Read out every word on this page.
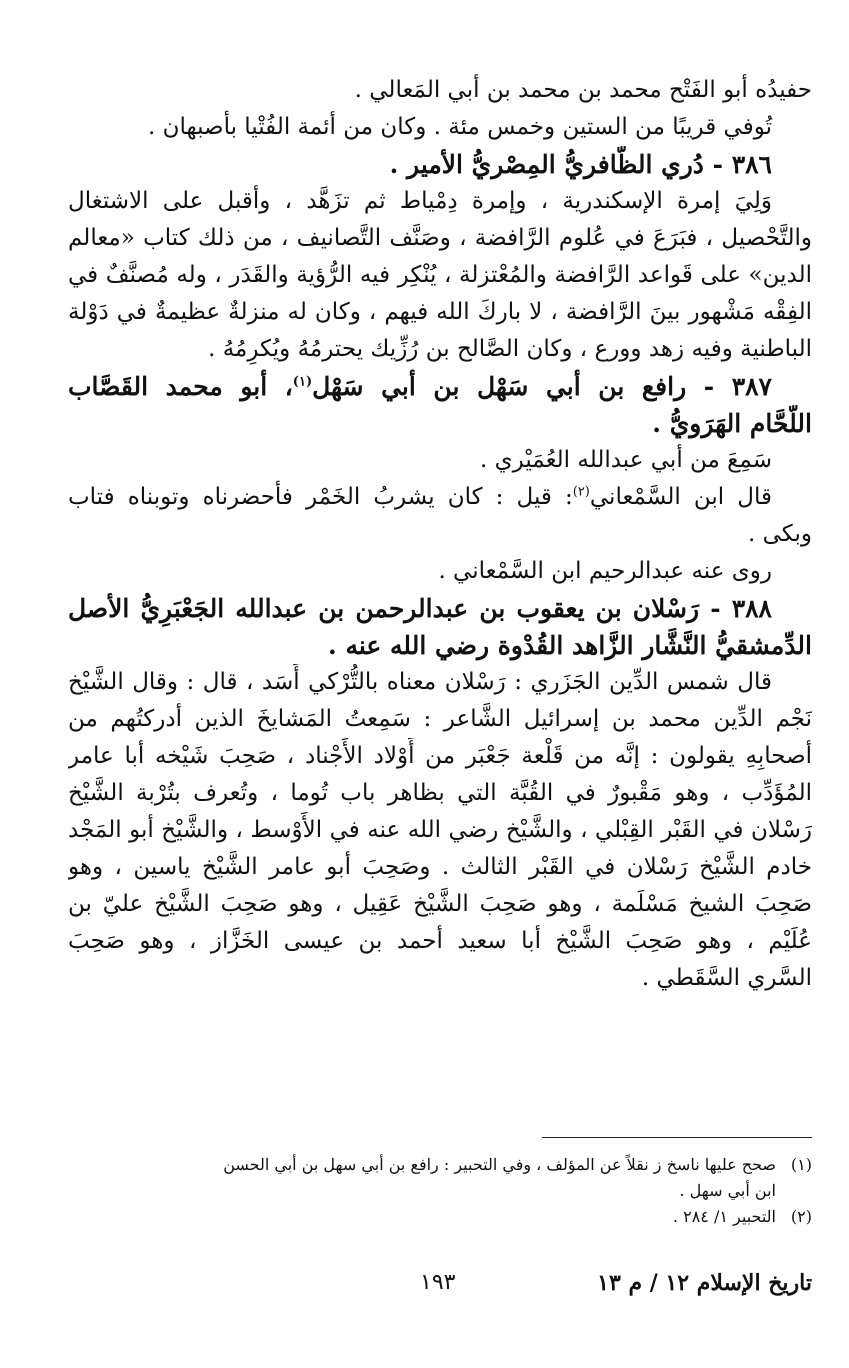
حفيدُه أبو الفَتْح محمد بن محمد بن أبي المَعالي .
تُوفي قريبًا من الستين وخمس مئة . وكان من أئمة الفُتْيا بأصبهان .
٣٨٦ - دُري الظَّافريُّ المِصْريُّ الأمير .
وَلِيَ إمرة الإسكندرية ، وإمرة دِمْياط ثم تزَهَّد ، وأقبل على الاشتغال
والتَّحْصيل ، فبَرَعَ في عُلوم الرَّافضة ، وصَنَّف التَّصانيف ، من ذلك كتاب «معالم
الدين» على قَواعد الرَّافضة والمُعْتزلة ، يُنْكِر فيه الرُّؤية والقَدَر ، وله مُصنَّفٌ في
الفِقْه مَشْهور بينَ الرَّافضة ، لا باركَ الله فيهم ، وكان له منزلةٌ عظيمةٌ في دَوْلة
الباطنية وفيه زهد وورع ، وكان الصَّالح بن رُزِّيك يحترمُهُ ويُكرِمُهُ .
٣٨٧ - رافع بن أبي سَهْل بن أبي سَهْل$^{(١)}$، أبو محمد القَصَّاب
اللَّحَّام الهَرَويُّ .
سَمِعَ من أبي عبدالله العُمَيْري .
قال ابن السَّمْعاني$^{(٢)}$: قيل : كان يشربُ الخَمْر فأحضرناه وتوبناه فتاب
وبكى .
روى عنه عبدالرحيم ابن السَّمْعاني .
٣٨٨ - رَسْلان بن يعقوب بن عبدالرحمن بن عبدالله الجَعْبَرِيُّ الأصل
الدِّمشقيُّ النَّشَّار الزَّاهد القُدْوة رضي الله عنه .
قال شمس الدِّين الجَزَري : رَسْلان معناه بالتُّرْكي أَسَد ، قال : وقال الشَّيْخ
نَجْم الدِّين محمد بن إسرائيل الشَّاعر : سَمِعتُ المَشايخَ الذين أدركتُهم من
أصحابِهِ يقولون : إنَّه من قَلْعة جَعْبَر من أَوْلاد الأَجْناد ، صَحِبَ شَيْخه أبا عامر
المُؤَدِّب ، وهو مَقْبورٌ في القُبَّة التي بظاهر باب تُوما ، وتُعرف بتُرْبة الشَّيْخ
رَسْلان في القَبْر القِبْلي ، والشَّيْخ رضي الله عنه في الأَوْسط ، والشَّيْخ أبو المَجْد
خادم الشَّيْخ رَسْلان في القَبْر الثالث . وصَحِبَ أبو عامر الشَّيْخ ياسين ، وهو
صَحِبَ الشيخ مَسْلَمة ، وهو صَحِبَ الشَّيْخ عَقِيل ، وهو صَحِبَ الشَّيْخ عليّ بن
عُلَيْم ، وهو صَحِبَ الشَّيْخ أبا سعيد أحمد بن عيسى الخَزَّاز ، وهو صَحِبَ
السَّري السَّقَطي .
(١)
صحح عليها ناسخ ز نقلاً عن المؤلف ، وفي التحبير : رافع بن أبي سهل بن أبي الحسن
ابن أبي سهل .
(٢)
التحبير ١/ ٢٨٤ .
تاريخ الإسلام ١٢ / م ١٣
١٩٣
